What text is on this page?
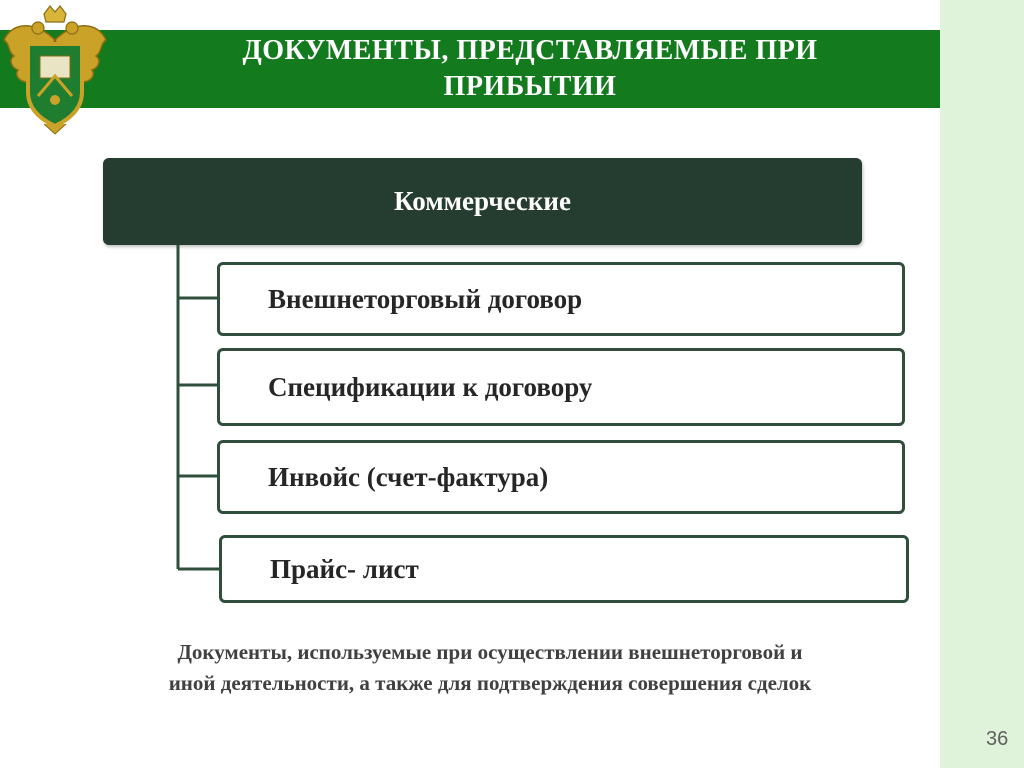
ДОКУМЕНТЫ, ПРЕДСТАВЛЯЕМЫЕ ПРИ
ПРИБЫТИИ
Коммерческие
Внешнеторговый договор
Спецификации к договору
Инвойс (счет-фактура)
Прайс- лист
Документы, используемые при осуществлении внешнеторговой и
иной деятельности, а также для подтверждения совершения сделок
36
